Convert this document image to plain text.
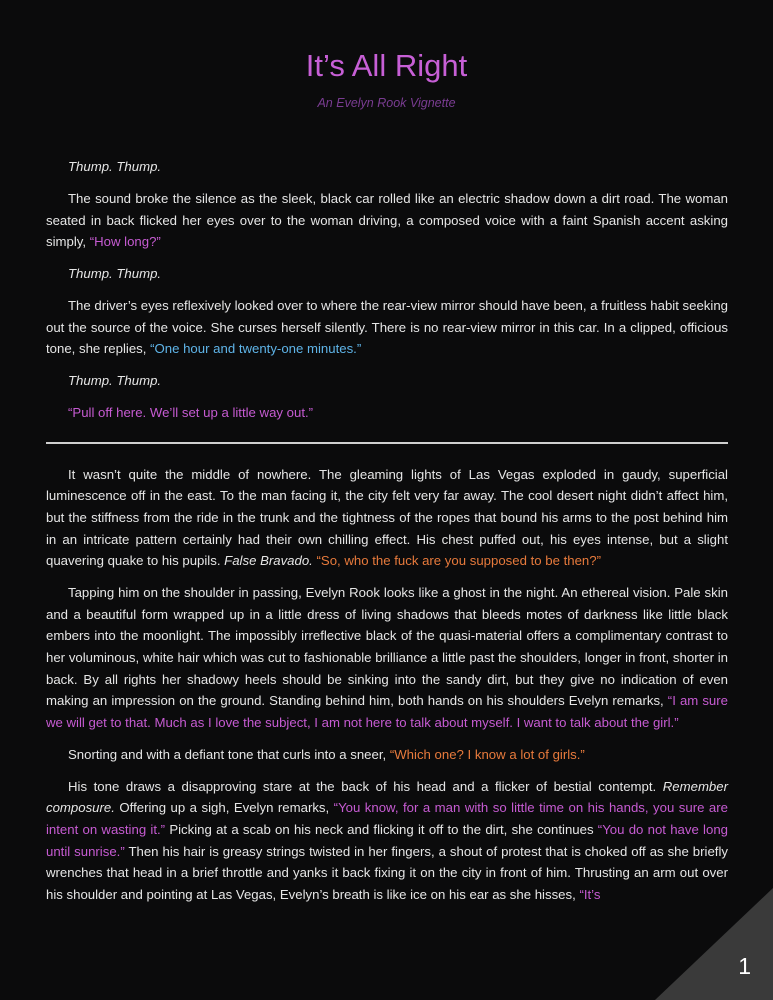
It’s All Right
An Evelyn Rook Vignette

Thump. Thump.

The sound broke the silence as the sleek, black car rolled like an electric shadow down a dirt road. The woman seated in back flicked her eyes over to the woman driving, a composed voice with a faint Spanish accent asking simply, “How long?”

Thump. Thump.

The driver’s eyes reflexively looked over to where the rear-view mirror should have been, a fruitless habit seeking out the source of the voice. She curses herself silently. There is no rear-view mirror in this car. In a clipped, officious tone, she replies, “One hour and twenty-one minutes.”

Thump. Thump.

“Pull off here. We’ll set up a little way out.”

It wasn’t quite the middle of nowhere. The gleaming lights of Las Vegas exploded in gaudy, superficial luminescence off in the east. To the man facing it, the city felt very far away. The cool desert night didn’t affect him, but the stiffness from the ride in the trunk and the tightness of the ropes that bound his arms to the post behind him in an intricate pattern certainly had their own chilling effect. His chest puffed out, his eyes intense, but a slight quavering quake to his pupils. False Bravado. “So, who the fuck are you supposed to be then?”

Tapping him on the shoulder in passing, Evelyn Rook looks like a ghost in the night. An ethereal vision. Pale skin and a beautiful form wrapped up in a little dress of living shadows that bleeds motes of darkness like little black embers into the moonlight. The impossibly irreflective black of the quasi-material offers a complimentary contrast to her voluminous, white hair which was cut to fashionable brilliance a little past the shoulders, longer in front, shorter in back. By all rights her shadowy heels should be sinking into the sandy dirt, but they give no indication of even making an impression on the ground. Standing behind him, both hands on his shoulders Evelyn remarks, “I am sure we will get to that. Much as I love the subject, I am not here to talk about myself. I want to talk about the girl.”

Snorting and with a defiant tone that curls into a sneer, “Which one? I know a lot of girls.”

His tone draws a disapproving stare at the back of his head and a flicker of bestial contempt. Remember composure. Offering up a sigh, Evelyn remarks, “You know, for a man with so little time on his hands, you sure are intent on wasting it.” Picking at a scab on his neck and flicking it off to the dirt, she continues “You do not have long until sunrise.” Then his hair is greasy strings twisted in her fingers, a shout of protest that is choked off as she briefly wrenches that head in a brief throttle and yanks it back fixing it on the city in front of him. Thrusting an arm out over his shoulder and pointing at Las Vegas, Evelyn’s breath is like ice on his ear as she hisses, “It’s

1
